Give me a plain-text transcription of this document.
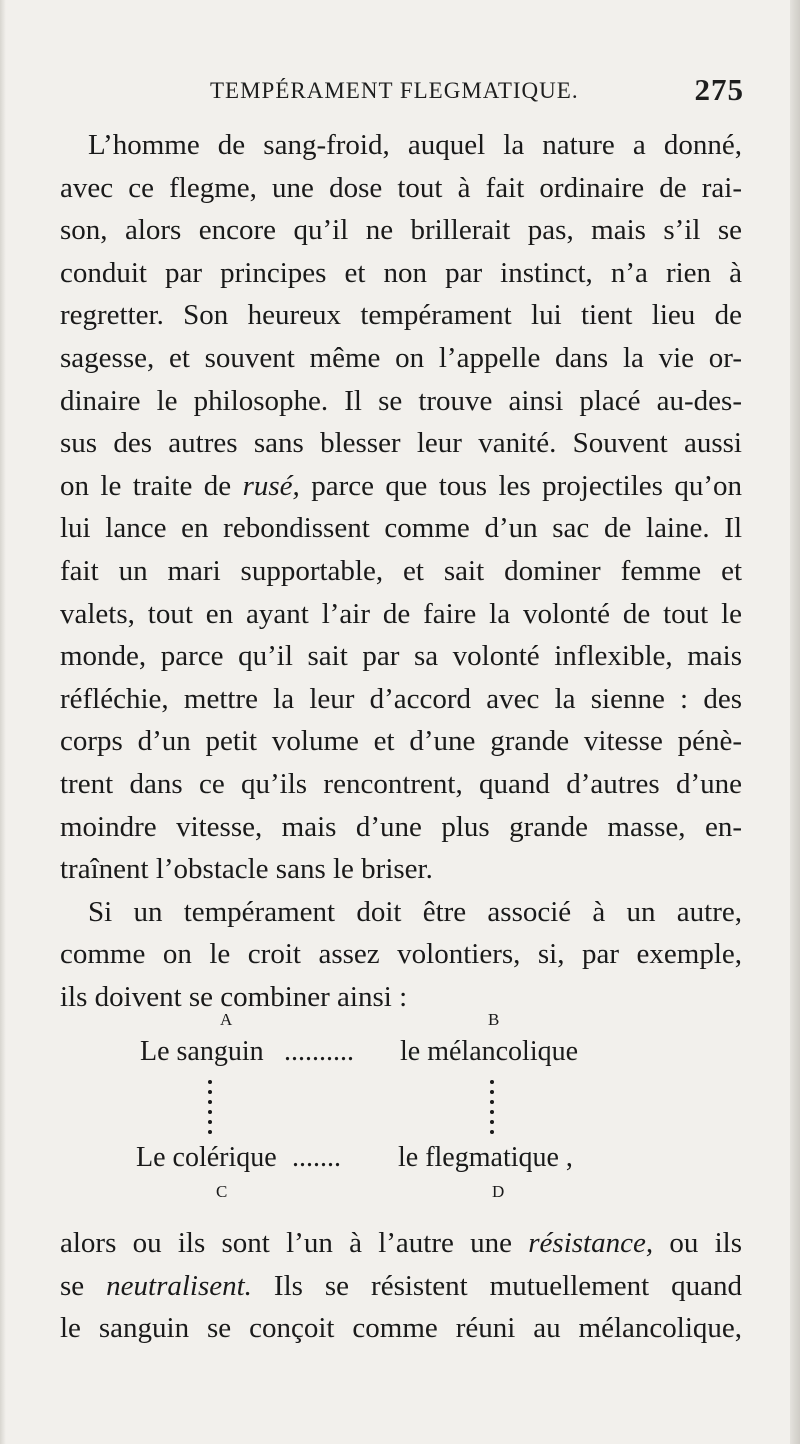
TEMPÉRAMENT FLEGMATIQUE.	275
L’homme de sang-froid, auquel la nature a donné,
avec ce flegme, une dose tout à fait ordinaire de rai-
son, alors encore qu’il ne brillerait pas, mais s’il se
conduit par principes et non par instinct, n’a rien à
regretter. Son heureux tempérament lui tient lieu de
sagesse, et souvent même on l’appelle dans la vie or-
dinaire le philosophe. Il se trouve ainsi placé au-des-
sus des autres sans blesser leur vanité. Souvent aussi
on le traite de rusé, parce que tous les projectiles qu’on
lui lance en rebondissent comme d’un sac de laine. Il
fait un mari supportable, et sait dominer femme et
valets, tout en ayant l’air de faire la volonté de tout le
monde, parce qu’il sait par sa volonté inflexible, mais
réfléchie, mettre la leur d’accord avec la sienne : des
corps d’un petit volume et d’une grande vitesse pénè-
trent dans ce qu’ils rencontrent, quand d’autres d’une
moindre vitesse, mais d’une plus grande masse, en-
traînent l’obstacle sans le briser.
Si un tempérament doit être associé à un autre,
comme on le croit assez volontiers, si, par exemple,
ils doivent se combiner ainsi :
A	B
Le sanguin .......... le mélancolique
Le colérique ....... le flegmatique ,
C	D
alors ou ils sont l’un à l’autre une résistance, ou ils
se neutralisent. Ils se résistent mutuellement quand
le sanguin se conçoit comme réuni au mélancolique,
